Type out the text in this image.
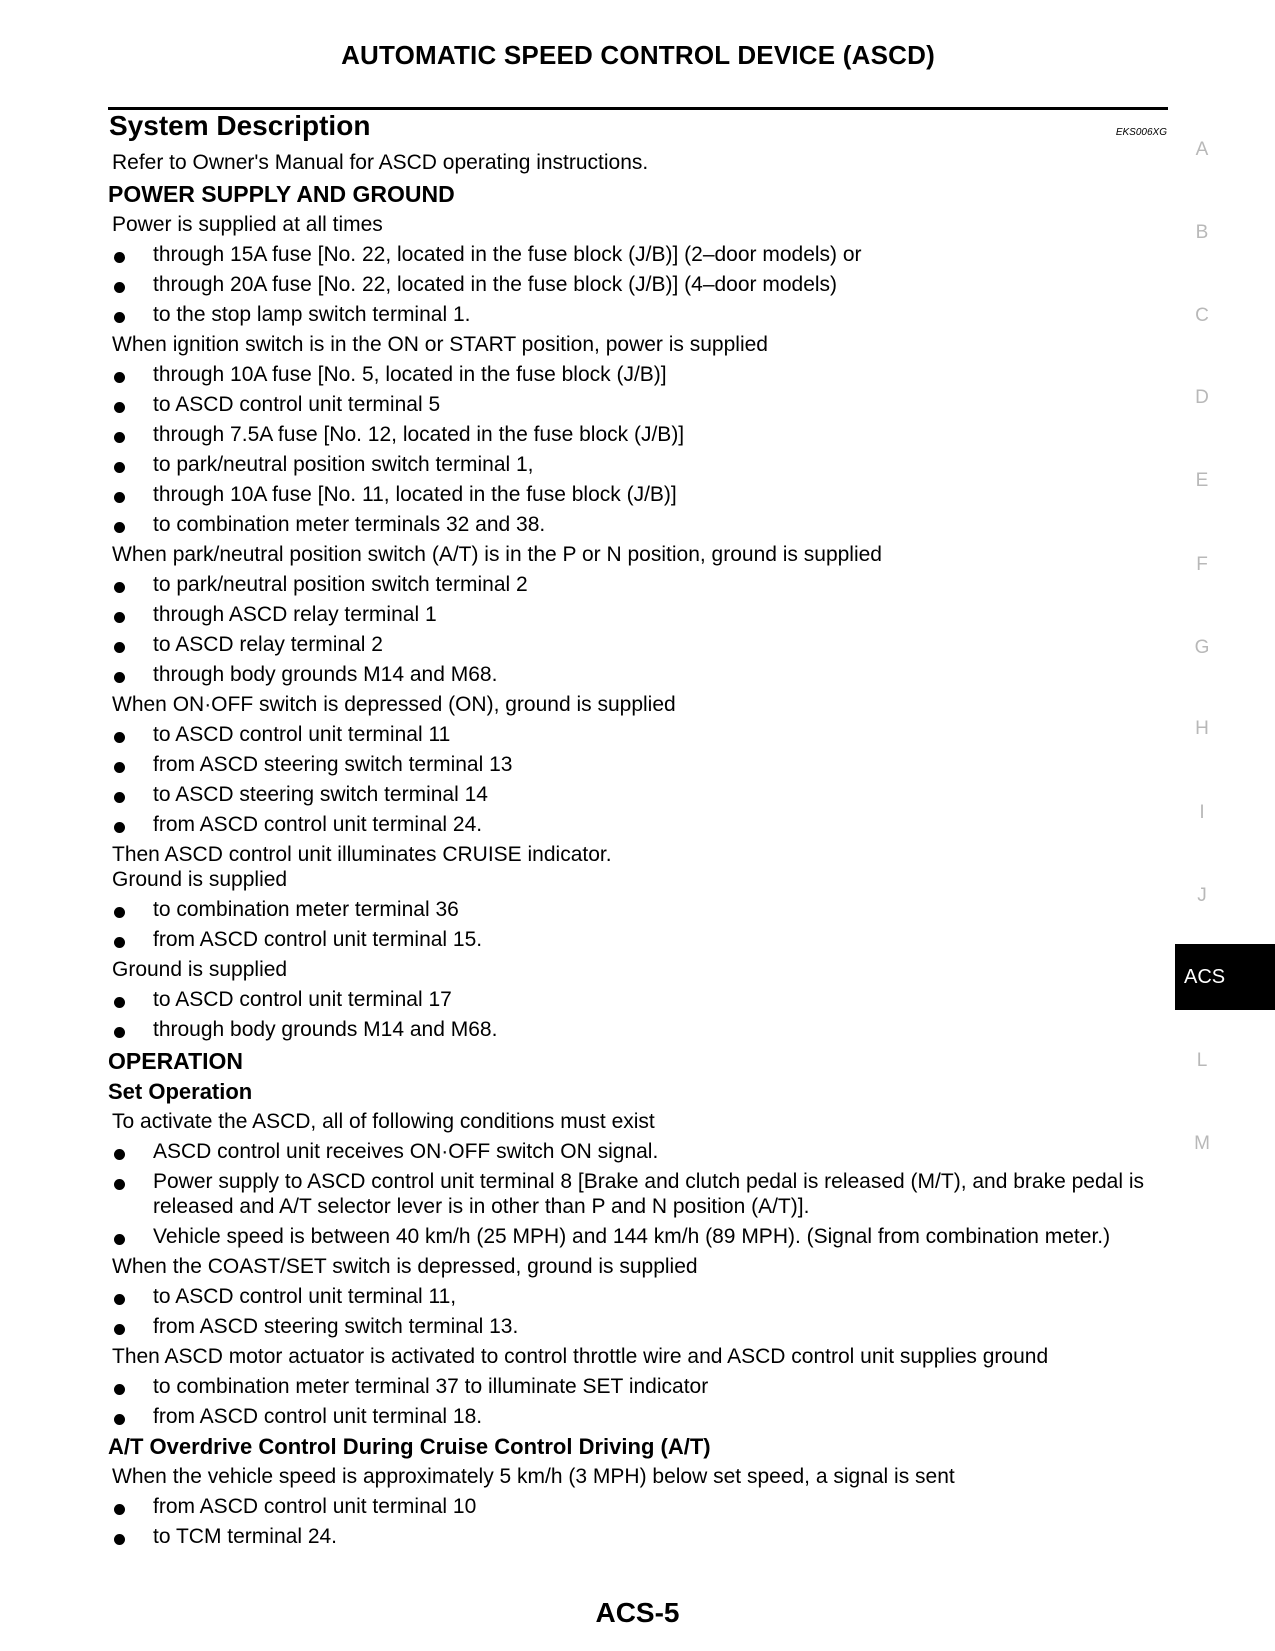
AUTOMATIC SPEED CONTROL DEVICE (ASCD)
System Description	EKS006XG

Refer to Owner's Manual for ASCD operating instructions.

POWER SUPPLY AND GROUND

Power is supplied at all times

through 15A fuse [No. 22, located in the fuse block (J/B)] (2–door models) or
through 20A fuse [No. 22, located in the fuse block (J/B)] (4–door models)
to the stop lamp switch terminal 1.

When ignition switch is in the ON or START position, power is supplied

through 10A fuse [No. 5, located in the fuse block (J/B)]
to ASCD control unit terminal 5
through 7.5A fuse [No. 12, located in the fuse block (J/B)]
to park/neutral position switch terminal 1,
through 10A fuse [No. 11, located in the fuse block (J/B)]
to combination meter terminals 32 and 38.

When park/neutral position switch (A/T) is in the P or N position, ground is supplied

to park/neutral position switch terminal 2
through ASCD relay terminal 1
to ASCD relay terminal 2
through body grounds M14 and M68.

When ON·OFF switch is depressed (ON), ground is supplied

to ASCD control unit terminal 11
from ASCD steering switch terminal 13
to ASCD steering switch terminal 14
from ASCD control unit terminal 24.

Then ASCD control unit illuminates CRUISE indicator.

Ground is supplied

to combination meter terminal 36
from ASCD control unit terminal 15.

Ground is supplied

to ASCD control unit terminal 17
through body grounds M14 and M68.
OPERATION
Set Operation

To activate the ASCD, all of following conditions must exist

ASCD control unit receives ON·OFF switch ON signal.
Power supply to ASCD control unit terminal 8 [Brake and clutch pedal is released (M/T), and brake pedal is released and A/T selector lever is in other than P and N position (A/T)].
Vehicle speed is between 40 km/h (25 MPH) and 144 km/h (89 MPH). (Signal from combination meter.)

When the COAST/SET switch is depressed, ground is supplied

to ASCD control unit terminal 11,
from ASCD steering switch terminal 13.

Then ASCD motor actuator is activated to control throttle wire and ASCD control unit supplies ground

to combination meter terminal 37 to illuminate SET indicator
from ASCD control unit terminal 18.
A/T Overdrive Control During Cruise Control Driving (A/T)

When the vehicle speed is approximately 5 km/h (3 MPH) below set speed, a signal is sent

from ASCD control unit terminal 10
to TCM terminal 24.
A
B
C
D
E
F
G
H
I
J
ACS
L
M
ACS-5
